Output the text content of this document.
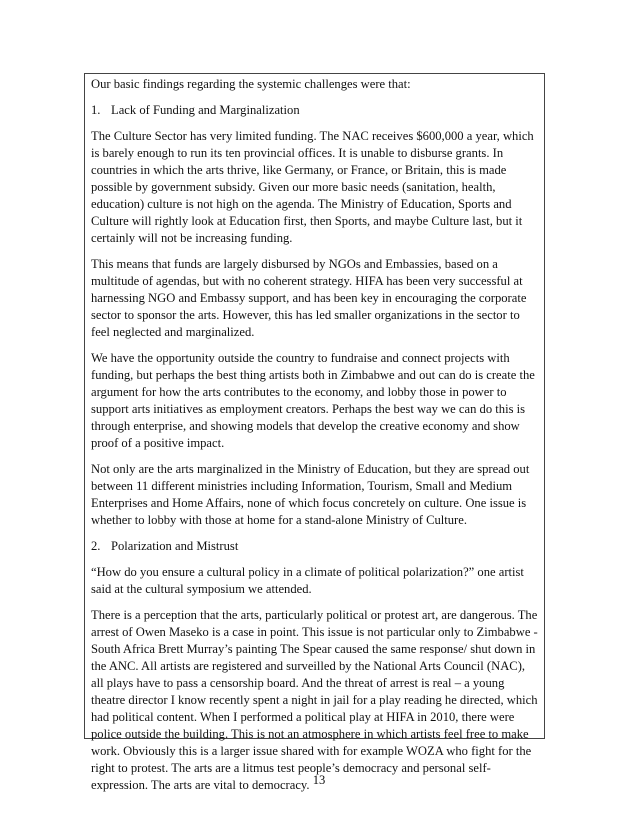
Our basic findings regarding the systemic challenges were that:

1. Lack of Funding and Marginalization

The Culture Sector has very limited funding. The NAC receives $600,000 a year, which is barely enough to run its ten provincial offices. It is unable to disburse grants. In countries in which the arts thrive, like Germany, or France, or Britain, this is made possible by government subsidy. Given our more basic needs (sanitation, health, education) culture is not high on the agenda. The Ministry of Education, Sports and Culture will rightly look at Education first, then Sports, and maybe Culture last, but it certainly will not be increasing funding.

This means that funds are largely disbursed by NGOs and Embassies, based on a multitude of agendas, but with no coherent strategy. HIFA has been very successful at harnessing NGO and Embassy support, and has been key in encouraging the corporate sector to sponsor the arts. However, this has led smaller organizations in the sector to feel neglected and marginalized.

We have the opportunity outside the country to fundraise and connect projects with funding, but perhaps the best thing artists both in Zimbabwe and out can do is create the argument for how the arts contributes to the economy, and lobby those in power to support arts initiatives as employment creators. Perhaps the best way we can do this is through enterprise, and showing models that develop the creative economy and show proof of a positive impact.

Not only are the arts marginalized in the Ministry of Education, but they are spread out between 11 different ministries including Information, Tourism, Small and Medium Enterprises and Home Affairs, none of which focus concretely on culture. One issue is whether to lobby with those at home for a stand-alone Ministry of Culture.

2. Polarization and Mistrust

“How do you ensure a cultural policy in a climate of political polarization?” one artist said at the cultural symposium we attended.

There is a perception that the arts, particularly political or protest art, are dangerous. The arrest of Owen Maseko is a case in point. This issue is not particular only to Zimbabwe - South Africa Brett Murray’s painting The Spear caused the same response/ shut down in the ANC. All artists are registered and surveilled by the National Arts Council (NAC), all plays have to pass a censorship board. And the threat of arrest is real – a young theatre director I know recently spent a night in jail for a play reading he directed, which had political content. When I performed a political play at HIFA in 2010, there were police outside the building. This is not an atmosphere in which artists feel free to make work. Obviously this is a larger issue shared with for example WOZA who fight for the right to protest. The arts are a litmus test people’s democracy and personal self-expression. The arts are vital to democracy. 13
